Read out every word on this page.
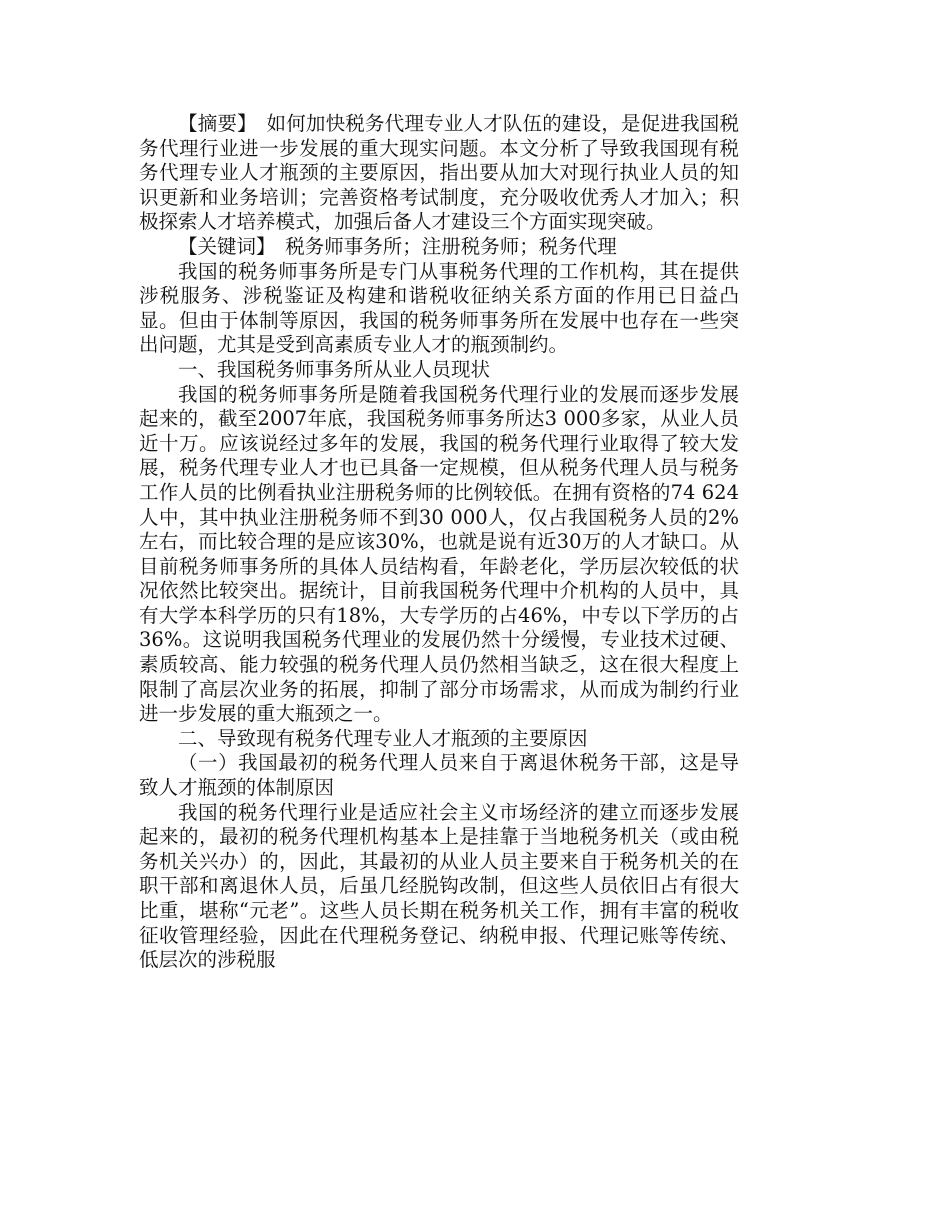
【摘要】 如何加快税务代理专业人才队伍的建设，是促进我国税务代理行业进一步发展的重大现实问题。本文分析了导致我国现有税务代理专业人才瓶颈的主要原因，指出要从加大对现行执业人员的知识更新和业务培训；完善资格考试制度，充分吸收优秀人才加入；积极探索人才培养模式，加强后备人才建设三个方面实现突破。

【关键词】 税务师事务所；注册税务师；税务代理

我国的税务师事务所是专门从事税务代理的工作机构，其在提供涉税服务、涉税鉴证及构建和谐税收征纳关系方面的作用已日益凸显。但由于体制等原因，我国的税务师事务所在发展中也存在一些突出问题，尤其是受到高素质专业人才的瓶颈制约。

一、我国税务师事务所从业人员现状

我国的税务师事务所是随着我国税务代理行业的发展而逐步发展起来的，截至2007年底，我国税务师事务所达3 000多家，从业人员近十万。应该说经过多年的发展，我国的税务代理行业取得了较大发展，税务代理专业人才也已具备一定规模，但从税务代理人员与税务工作人员的比例看执业注册税务师的比例较低。在拥有资格的74 624人中，其中执业注册税务师不到30 000人，仅占我国税务人员的2%左右，而比较合理的是应该30%，也就是说有近30万的人才缺口。从目前税务师事务所的具体人员结构看，年龄老化，学历层次较低的状况依然比较突出。据统计，目前我国税务代理中介机构的人员中，具有大学本科学历的只有18%，大专学历的占46%，中专以下学历的占36%。这说明我国税务代理业的发展仍然十分缓慢，专业技术过硬、素质较高、能力较强的税务代理人员仍然相当缺乏，这在很大程度上限制了高层次业务的拓展，抑制了部分市场需求，从而成为制约行业进一步发展的重大瓶颈之一。

二、导致现有税务代理专业人才瓶颈的主要原因

（一）我国最初的税务代理人员来自于离退休税务干部，这是导致人才瓶颈的体制原因

我国的税务代理行业是适应社会主义市场经济的建立而逐步发展起来的，最初的税务代理机构基本上是挂靠于当地税务机关（或由税务机关兴办）的，因此，其最初的从业人员主要来自于税务机关的在职干部和离退休人员，后虽几经脱钩改制，但这些人员依旧占有很大比重，堪称“元老”。这些人员长期在税务机关工作，拥有丰富的税收征收管理经验，因此在代理税务登记、纳税申报、代理记账等传统、低层次的涉税服
